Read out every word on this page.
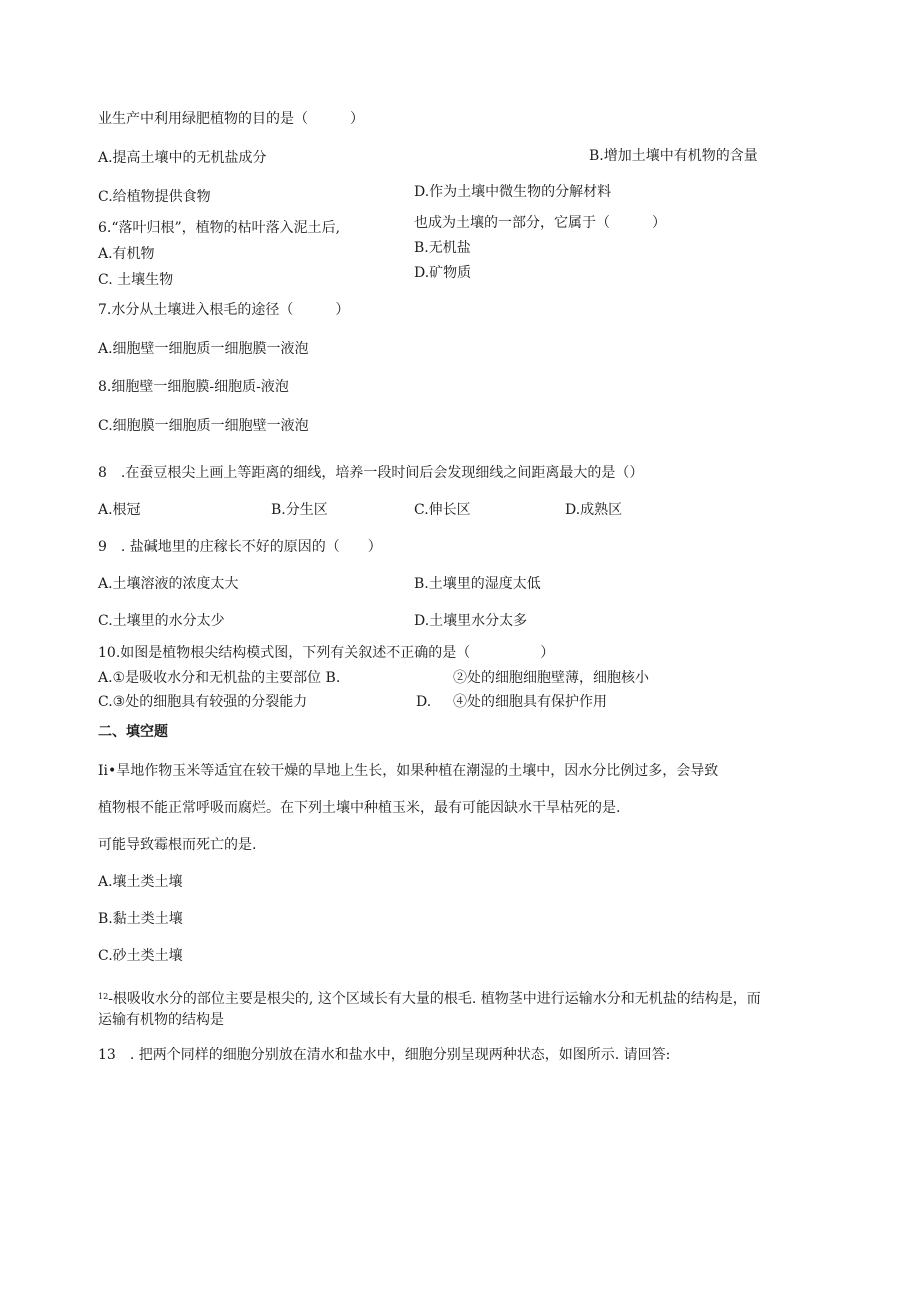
业生产中利用绿肥植物的目的是（　　　）
A.提高土壤中的无机盐成分	B.增加土壤中有机物的含量
C.给植物提供食物	D.作为土壤中微生物的分解材料
6.“落叶归根”，植物的枯叶落入泥土后,	也成为土壤的一部分，它属于（　　　）
A.有机物	B.无机盐
C. 土壤生物	D.矿物质
7.水分从土壤进入根毛的途径（　　　）
A.细胞壁一细胞质一细胞膜一液泡
8.细胞壁一细胞膜-细胞质-液泡
C.细胞膜一细胞质一细胞壁一液泡
8　.在蚕豆根尖上画上等距离的细线，培养一段时间后会发现细线之间距离最大的是（）
A.根冠	B.分生区	C.伸长区	D.成熟区
9　. 盐碱地里的庄稼长不好的原因的（　　）
A.土壤溶液的浓度太大	B.土壤里的湿度太低
C.土壤里的水分太少	D.土壤里水分太多
10.如图是植物根尖结构模式图，下列有关叙述不正确的是（　　　　　）
A.①是吸收水分和无机盐的主要部位 B.	②处的细胞细胞壁薄，细胞核小
C.③处的细胞具有较强的分裂能力	D. ④处的细胞具有保护作用
二、填空题
Ii•旱地作物玉米等适宜在较干燥的旱地上生长，如果种植在潮湿的土壤中，因水分比例过多，会导致
植物根不能正常呼吸而腐烂。在下列土壤中种植玉米，最有可能因缺水干旱枯死的是.
可能导致霉根而死亡的是.
A.壤土类土壤
B.黏土类土壤
C.砂土类土壤
$^{12}$-根吸收水分的部位主要是根尖的, 这个区域长有大量的根毛. 植物茎中进行运输水分和无机盐的结构是，而
运输有机物的结构是
13　. 把两个同样的细胞分别放在清水和盐水中，细胞分别呈现两种状态，如图所示. 请回答:
